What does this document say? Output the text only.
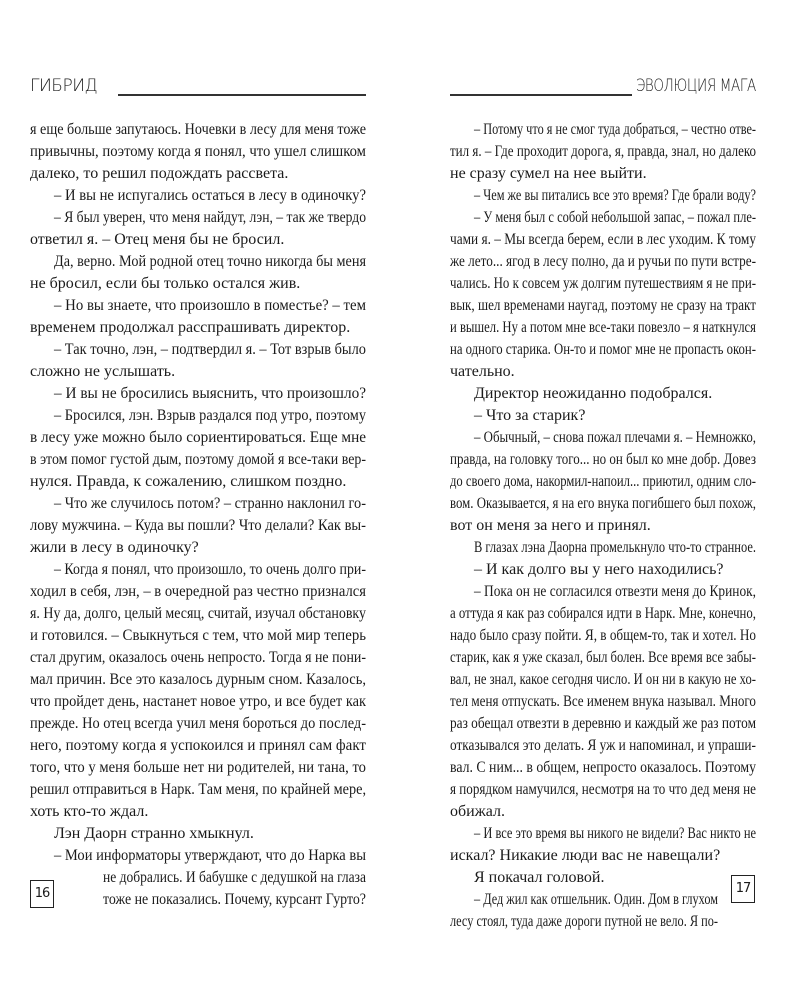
ГИБРИД
я еще больше запутаюсь. Ночевки в лесу для меня тоже
привычны, поэтому когда я понял, что ушел слишком
далеко, то решил подождать рассвета.
– И вы не испугались остаться в лесу в одиночку?
– Я был уверен, что меня найдут, лэн, – так же твердо
ответил я. – Отец меня бы не бросил.
Да, верно. Мой родной отец точно никогда бы меня
не бросил, если бы только остался жив.
– Но вы знаете, что произошло в поместье? – тем
временем продолжал расспрашивать директор.
– Так точно, лэн, – подтвердил я. – Тот взрыв было
сложно не услышать.
– И вы не бросились выяснить, что произошло?
– Бросился, лэн. Взрыв раздался под утро, поэтому
в лесу уже можно было сориентироваться. Еще мне
в этом помог густой дым, поэтому домой я все-таки вер-
нулся. Правда, к сожалению, слишком поздно.
– Что же случилось потом? – странно наклонил го-
лову мужчина. – Куда вы пошли? Что делали? Как вы-
жили в лесу в одиночку?
– Когда я понял, что произошло, то очень долго при-
ходил в себя, лэн, – в очередной раз честно признался
я. Ну да, долго, целый месяц, считай, изучал обстановку
и готовился. – Свыкнуться с тем, что мой мир теперь
стал другим, оказалось очень непросто. Тогда я не пони-
мал причин. Все это казалось дурным сном. Казалось,
что пройдет день, настанет новое утро, и все будет как
прежде. Но отец всегда учил меня бороться до послед-
него, поэтому когда я успокоился и принял сам факт
того, что у меня больше нет ни родителей, ни тана, то
решил отправиться в Нарк. Там меня, по крайней мере,
хоть кто-то ждал.
Лэн Даорн странно хмыкнул.
– Мои информаторы утверждают, что до Нарка вы
не добрались. И бабушке с дедушкой на глаза
тоже не показались. Почему, курсант Гурто?
16
ЭВОЛЮЦИЯ МАГА
– Потому что я не смог туда добраться, – честно отве-
тил я. – Где проходит дорога, я, правда, знал, но далеко
не сразу сумел на нее выйти.
– Чем же вы питались все это время? Где брали воду?
– У меня был с собой небольшой запас, – пожал пле-
чами я. – Мы всегда берем, если в лес уходим. К тому
же лето... ягод в лесу полно, да и ручьи по пути встре-
чались. Но к совсем уж долгим путешествиям я не при-
вык, шел временами наугад, поэтому не сразу на тракт
и вышел. Ну а потом мне все-таки повезло – я наткнулся
на одного старика. Он-то и помог мне не пропасть окон-
чательно.
Директор неожиданно подобрался.
– Что за старик?
– Обычный, – снова пожал плечами я. – Немножко,
правда, на головку того... но он был ко мне добр. Довез
до своего дома, накормил-напоил... приютил, одним сло-
вом. Оказывается, я на его внука погибшего был похож,
вот он меня за него и принял.
В глазах лэна Даорна промелькнуло что-то странное.
– И как долго вы у него находились?
– Пока он не согласился отвезти меня до Кринок,
а оттуда я как раз собирался идти в Нарк. Мне, конечно,
надо было сразу пойти. Я, в общем-то, так и хотел. Но
старик, как я уже сказал, был болен. Все время все забы-
вал, не знал, какое сегодня число. И он ни в какую не хо-
тел меня отпускать. Все именем внука называл. Много
раз обещал отвезти в деревню и каждый же раз потом
отказывался это делать. Я уж и напоминал, и упраши-
вал. С ним... в общем, непросто оказалось. Поэтому
я порядком намучился, несмотря на то что дед меня не
обижал.
– И все это время вы никого не видели? Вас никто не
искал? Никакие люди вас не навещали?
Я покачал головой.
– Дед жил как отшельник. Один. Дом в глухом
лесу стоял, туда даже дороги путной не вело. Я по-
17
